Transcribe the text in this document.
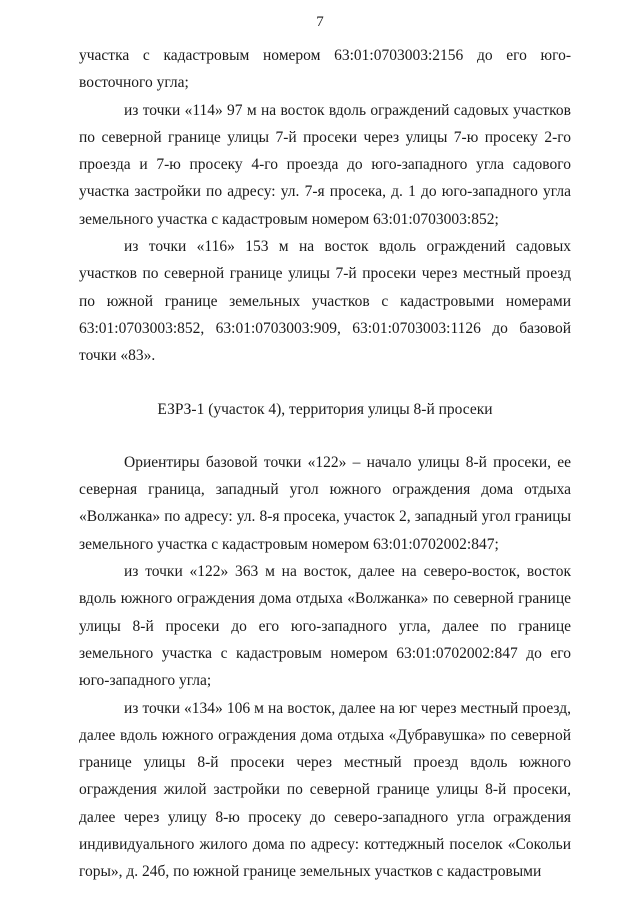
7

участка с кадастровым номером 63:01:0703003:2156 до его юго-восточного угла;

из точки «114» 97 м на восток вдоль ограждений садовых участков по северной границе улицы 7-й просеки через улицы 7-ю просеку 2-го проезда и 7-ю просеку 4-го проезда до юго-западного угла садового участка застройки по адресу: ул. 7-я просека, д. 1 до юго-западного угла земельного участка с кадастровым номером 63:01:0703003:852;

из точки «116» 153 м на восток вдоль ограждений садовых участков по северной границе улицы 7-й просеки через местный проезд по южной границе земельных участков с кадастровыми номерами 63:01:0703003:852, 63:01:0703003:909, 63:01:0703003:1126 до базовой точки «83».

ЕЗРЗ-1 (участок 4), территория улицы 8-й просеки

Ориентиры базовой точки «122» – начало улицы 8-й просеки, ее северная граница, западный угол южного ограждения дома отдыха «Волжанка» по адресу: ул. 8-я просека, участок 2, западный угол границы земельного участка с кадастровым номером 63:01:0702002:847;

из точки «122» 363 м на восток, далее на северо-восток, восток вдоль южного ограждения дома отдыха «Волжанка» по северной границе улицы 8-й просеки до его юго-западного угла, далее по границе земельного участка с кадастровым номером 63:01:0702002:847 до его юго-западного угла;

из точки «134» 106 м на восток, далее на юг через местный проезд, далее вдоль южного ограждения дома отдыха «Дубравушка» по северной границе улицы 8-й просеки через местный проезд вдоль южного ограждения жилой застройки по северной границе улицы 8-й просеки, далее через улицу 8-ю просеку до северо-западного угла ограждения индивидуального жилого дома по адресу: коттеджный поселок «Сокольи горы», д. 24б, по южной границе земельных участков с кадастровыми
